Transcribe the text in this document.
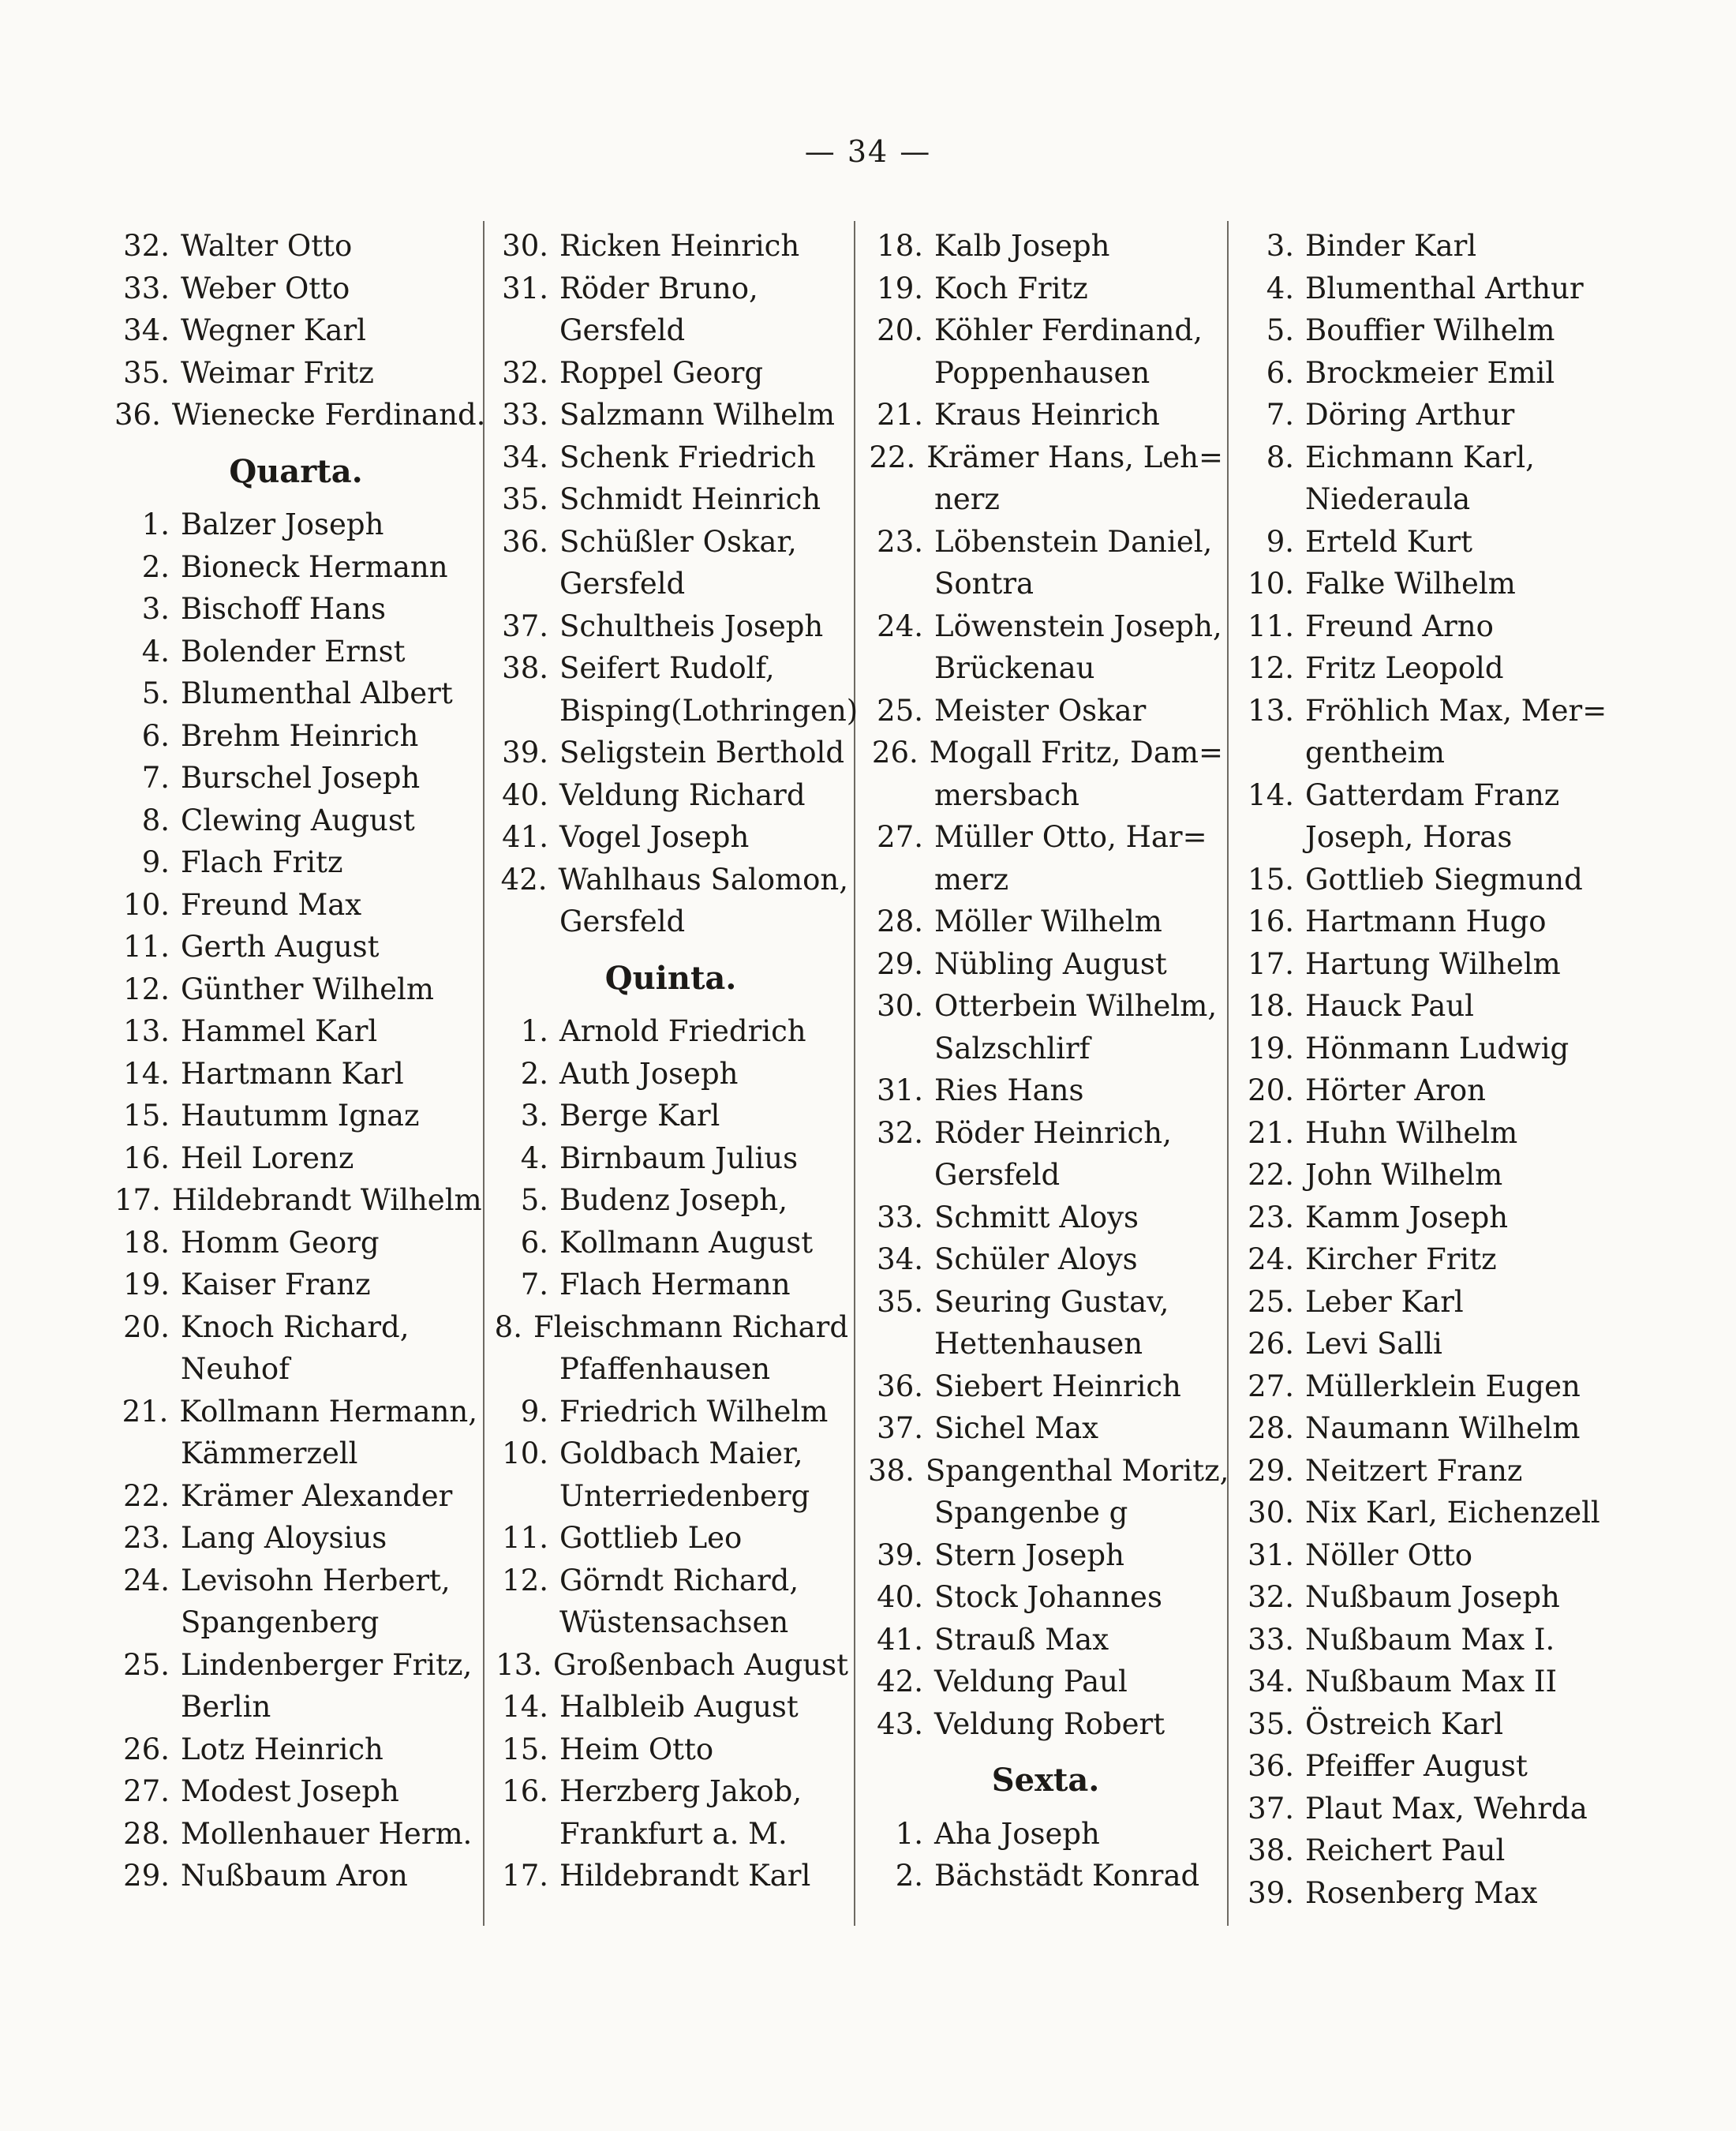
— 34 —
32. Walter Otto
33. Weber Otto
34. Wegner Karl
35. Weimar Fritz
36. Wienecke Ferdinand.
Quarta.
1. Balzer Joseph
2. Bioneck Hermann
3. Bischoff Hans
4. Bolender Ernst
5. Blumenthal Albert
6. Brehm Heinrich
7. Burschel Joseph
8. Clewing August
9. Flach Fritz
10. Freund Max
11. Gerth August
12. Günther Wilhelm
13. Hammel Karl
14. Hartmann Karl
15. Hautumm Ignaz
16. Heil Lorenz
17. Hildebrandt Wilhelm
18. Homm Georg
19. Kaiser Franz
20. Knoch Richard,
Neuhof
21. Kollmann Hermann,
Kämmerzell
22. Krämer Alexander
23. Lang Aloysius
24. Levisohn Herbert,
Spangenberg
25. Lindenberger Fritz,
Berlin
26. Lotz Heinrich
27. Modest Joseph
28. Mollenhauer Herm.
29. Nußbaum Aron
30. Ricken Heinrich
31. Röder Bruno,
Gersfeld
32. Roppel Georg
33. Salzmann Wilhelm
34. Schenk Friedrich
35. Schmidt Heinrich
36. Schüßler Oskar,
Gersfeld
37. Schultheis Joseph
38. Seifert Rudolf,
Bisping(Lothringen)
39. Seligstein Berthold
40. Veldung Richard
41. Vogel Joseph
42. Wahlhaus Salomon,
Gersfeld
Quinta.
1. Arnold Friedrich
2. Auth Joseph
3. Berge Karl
4. Birnbaum Julius
5. Budenz Joseph,
6. Kollmann August
7. Flach Hermann
8. Fleischmann Richard
Pfaffenhausen
9. Friedrich Wilhelm
10. Goldbach Maier,
Unterriedenberg
11. Gottlieb Leo
12. Görndt Richard,
Wüstensachsen
13. Großenbach August
14. Halbleib August
15. Heim Otto
16. Herzberg Jakob,
Frankfurt a. M.
17. Hildebrandt Karl
18. Kalb Joseph
19. Koch Fritz
20. Köhler Ferdinand,
Poppenhausen
21. Kraus Heinrich
22. Krämer Hans, Leh=
nerz
23. Löbenstein Daniel,
Sontra
24. Löwenstein Joseph,
Brückenau
25. Meister Oskar
26. Mogall Fritz, Dam=
mersbach
27. Müller Otto, Har=
merz
28. Möller Wilhelm
29. Nübling August
30. Otterbein Wilhelm,
Salzschlirf
31. Ries Hans
32. Röder Heinrich,
Gersfeld
33. Schmitt Aloys
34. Schüler Aloys
35. Seuring Gustav,
Hettenhausen
36. Siebert Heinrich
37. Sichel Max
38. Spangenthal Moritz,
Spangenbe g
39. Stern Joseph
40. Stock Johannes
41. Strauß Max
42. Veldung Paul
43. Veldung Robert
Sexta.
1. Aha Joseph
2. Bächstädt Konrad
3. Binder Karl
4. Blumenthal Arthur
5. Bouffier Wilhelm
6. Brockmeier Emil
7. Döring Arthur
8. Eichmann Karl,
Niederaula
9. Erteld Kurt
10. Falke Wilhelm
11. Freund Arno
12. Fritz Leopold
13. Fröhlich Max, Mer=
gentheim
14. Gatterdam Franz
Joseph, Horas
15. Gottlieb Siegmund
16. Hartmann Hugo
17. Hartung Wilhelm
18. Hauck Paul
19. Hönmann Ludwig
20. Hörter Aron
21. Huhn Wilhelm
22. John Wilhelm
23. Kamm Joseph
24. Kircher Fritz
25. Leber Karl
26. Levi Salli
27. Müllerklein Eugen
28. Naumann Wilhelm
29. Neitzert Franz
30. Nix Karl, Eichenzell
31. Nöller Otto
32. Nußbaum Joseph
33. Nußbaum Max I.
34. Nußbaum Max II
35. Östreich Karl
36. Pfeiffer August
37. Plaut Max, Wehrda
38. Reichert Paul
39. Rosenberg Max
